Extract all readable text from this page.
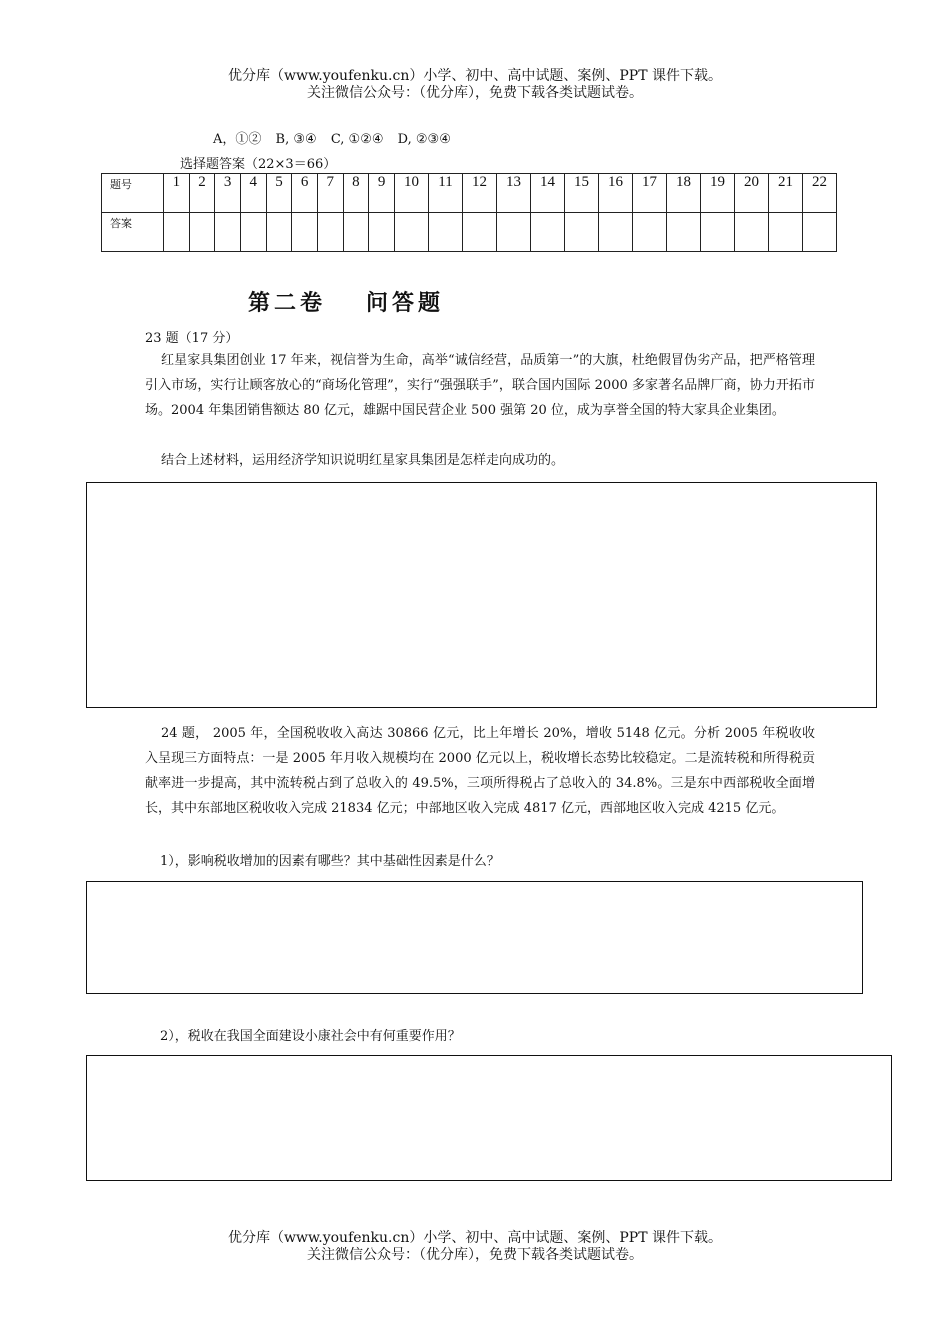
优分库（www.youfenku.cn）小学、初中、高中试题、案例、PPT 课件下载。
关注微信公众号：（优分库），免费下载各类试题试卷。
A，①② B, ③④ C, ①②④ D, ②③④
选择题答案（22×3＝66）
题号	1	2	3	4	5	6	7	8	9	10	11	12	13	14	15	16	17	18	19	20	21	22
答案																						
第二卷 问答题
23 题（17 分）
红星家具集团创业 17 年来，视信誉为生命，高举“诚信经营，品质第一”的大旗，杜绝假冒伪劣产品，把严格管理引入市场，实行让顾客放心的“商场化管理”，实行“强强联手”，联合国内国际 2000 多家著名品牌厂商，协力开拓市场。2004 年集团销售额达 80 亿元，雄踞中国民营企业 500 强第 20 位，成为享誉全国的特大家具企业集团。
结合上述材料，运用经济学知识说明红星家具集团是怎样走向成功的。
24 题， 2005 年，全国税收收入高达 30866 亿元，比上年增长 20%，增收 5148 亿元。分析 2005 年税收收入呈现三方面特点：一是 2005 年月收入规模均在 2000 亿元以上，税收增长态势比较稳定。二是流转税和所得税贡献率进一步提高，其中流转税占到了总收入的 49.5%，三项所得税占了总收入的 34.8%。三是东中西部税收全面增长，其中东部地区税收收入完成 21834 亿元；中部地区收入完成 4817 亿元，西部地区收入完成 4215 亿元。
1），影响税收增加的因素有哪些？其中基础性因素是什么？
2），税收在我国全面建设小康社会中有何重要作用？
优分库（www.youfenku.cn）小学、初中、高中试题、案例、PPT 课件下载。
关注微信公众号：（优分库），免费下载各类试题试卷。
